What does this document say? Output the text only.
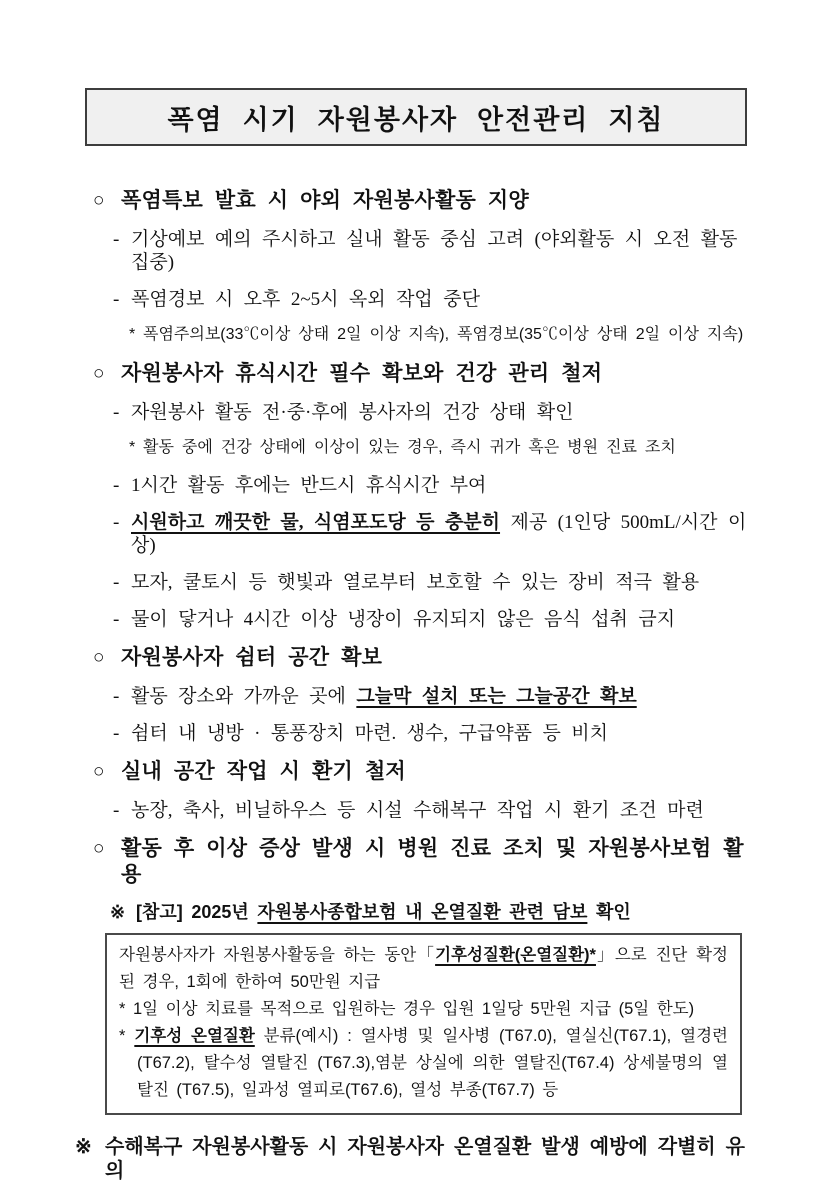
폭염 시기 자원봉사자 안전관리 지침
○ 폭염특보 발효 시 야외 자원봉사활동 지양
- 기상예보 예의 주시하고 실내 활동 중심 고려 (야외활동 시 오전 활동 집중)
- 폭염경보 시 오후 2~5시 옥외 작업 중단
* 폭염주의보(33℃이상 상태 2일 이상 지속), 폭염경보(35℃이상 상태 2일 이상 지속)
○ 자원봉사자 휴식시간 필수 확보와 건강 관리 철저
- 자원봉사 활동 전·중·후에 봉사자의 건강 상태 확인
* 활동 중에 건강 상태에 이상이 있는 경우, 즉시 귀가 혹은 병원 진료 조치
- 1시간 활동 후에는 반드시 휴식시간 부여
- 시원하고 깨끗한 물, 식염포도당 등 충분히 제공 (1인당 500mL/시간 이상)
- 모자, 쿨토시 등 햇빛과 열로부터 보호할 수 있는 장비 적극 활용
- 물이 닿거나 4시간 이상 냉장이 유지되지 않은 음식 섭취 금지
○ 자원봉사자 쉼터 공간 확보
- 활동 장소와 가까운 곳에 그늘막 설치 또는 그늘공간 확보
- 쉼터 내 냉방 · 통풍장치 마련. 생수, 구급약품 등 비치
○ 실내 공간 작업 시 환기 철저
- 농장, 축사, 비닐하우스 등 시설 수해복구 작업 시 환기 조건 마련
○ 활동 후 이상 증상 발생 시 병원 진료 조치 및 자원봉사보험 활용
※ [참고] 2025년 자원봉사종합보험 내 온열질환 관련 담보 확인

자원봉사자가 자원봉사활동을 하는 동안「기후성질환(온열질환)*」으로 진단 확정된 경우, 1회에 한하여 50만원 지급

* 1일 이상 치료를 목적으로 입원하는 경우 입원 1일당 5만원 지급 (5일 한도)

* 기후성 온열질환 분류(예시) : 열사병 및 일사병 (T67.0), 열실신(T67.1), 열경련 (T67.2), 탈수성 열탈진 (T67.3),염분 상실에 의한 열탈진(T67.4) 상세불명의 열탈진 (T67.5), 일과성 열피로(T67.6), 열성 부종(T67.7) 등

※ 수해복구 자원봉사활동 시 자원봉사자 온열질환 발생 예방에 각별히 유의
